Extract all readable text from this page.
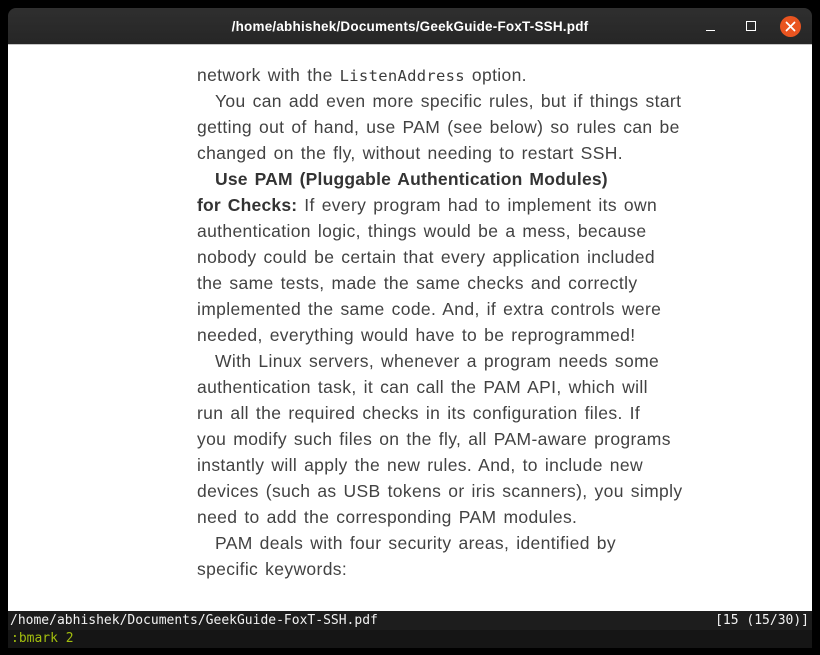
/home/abhishek/Documents/GeekGuide-FoxT-SSH.pdf
network with the ListenAddress option.
You can add even more specific rules, but if things start
getting out of hand, use PAM (see below) so rules can be
changed on the fly, without needing to restart SSH.
Use PAM (Pluggable Authentication Modules)
for Checks: If every program had to implement its own
authentication logic, things would be a mess, because
nobody could be certain that every application included
the same tests, made the same checks and correctly
implemented the same code. And, if extra controls were
needed, everything would have to be reprogrammed!
With Linux servers, whenever a program needs some
authentication task, it can call the PAM API, which will
run all the required checks in its configuration files. If
you modify such files on the fly, all PAM-aware programs
instantly will apply the new rules. And, to include new
devices (such as USB tokens or iris scanners), you simply
need to add the corresponding PAM modules.
PAM deals with four security areas, identified by
specific keywords:
/home/abhishek/Documents/GeekGuide-FoxT-SSH.pdf	[15 (15/30)]
:bmark 2
